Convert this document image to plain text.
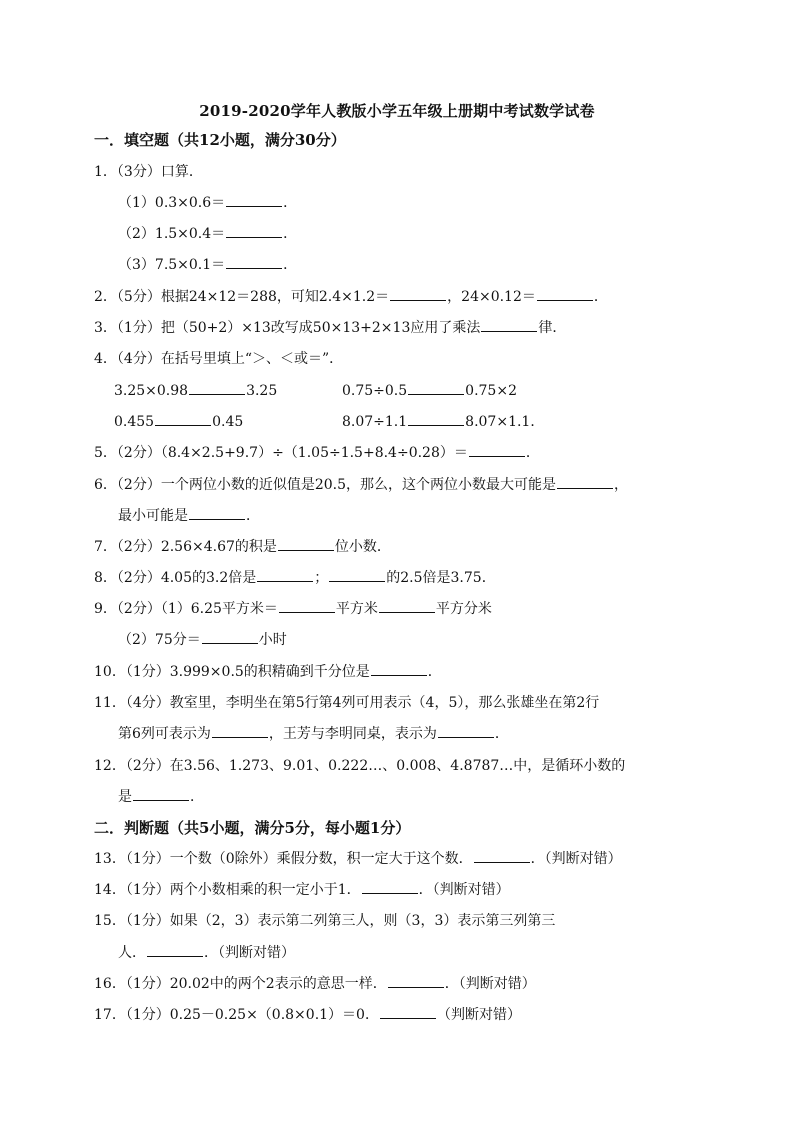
2019-2020学年人教版小学五年级上册期中考试数学试卷
一．填空题（共12小题，满分30分）
1．（3分）口算．
（1）0.3×0.6＝	．
（2）1.5×0.4＝	．
（3）7.5×0.1＝	．
2．（5分）根据24×12＝288，可知2.4×1.2＝	，24×0.12＝	．
3．（1分）把（50+2）×13改写成50×13+2×13应用了乘法	律．
4．（4分）在括号里填上“＞、＜或＝”．
3.25×0.98	3.25	0.75÷0.5	0.75×2
0.455	0.45	8.07÷1.1	8.07×1.1．
5．（2分）（8.4×2.5+9.7）÷（1.05÷1.5+8.4÷0.28）＝	．
6．（2分）一个两位小数的近似值是20.5，那么，这个两位小数最大可能是	，
最小可能是	．
7．（2分）2.56×4.67的积是	位小数．
8．（2分）4.05的3.2倍是	；	的2.5倍是3.75．
9．（2分）（1）6.25平方米＝	平方米	平方分米
（2）75分＝	小时
10．（1分）3.999×0.5的积精确到千分位是	．
11．（4分）教室里，李明坐在第5行第4列可用表示（4，5），那么张雄坐在第2行
第6列可表示为	，王芳与李明同桌，表示为	．
12．（2分）在3.56、1.273、9.01、0.222…、0.008、4.8787…中，是循环小数的
是	．
二．判断题（共5小题，满分5分，每小题1分）
13．（1分）一个数（0除外）乘假分数，积一定大于这个数．	．（判断对错）
14．（1分）两个小数相乘的积一定小于1．	．（判断对错）
15．（1分）如果（2，3）表示第二列第三人，则（3，3）表示第三列第三
人．	．（判断对错）
16．（1分）20.02中的两个2表示的意思一样．	．（判断对错）
17．（1分）0.25－0.25×（0.8×0.1）＝0．	（判断对错）
